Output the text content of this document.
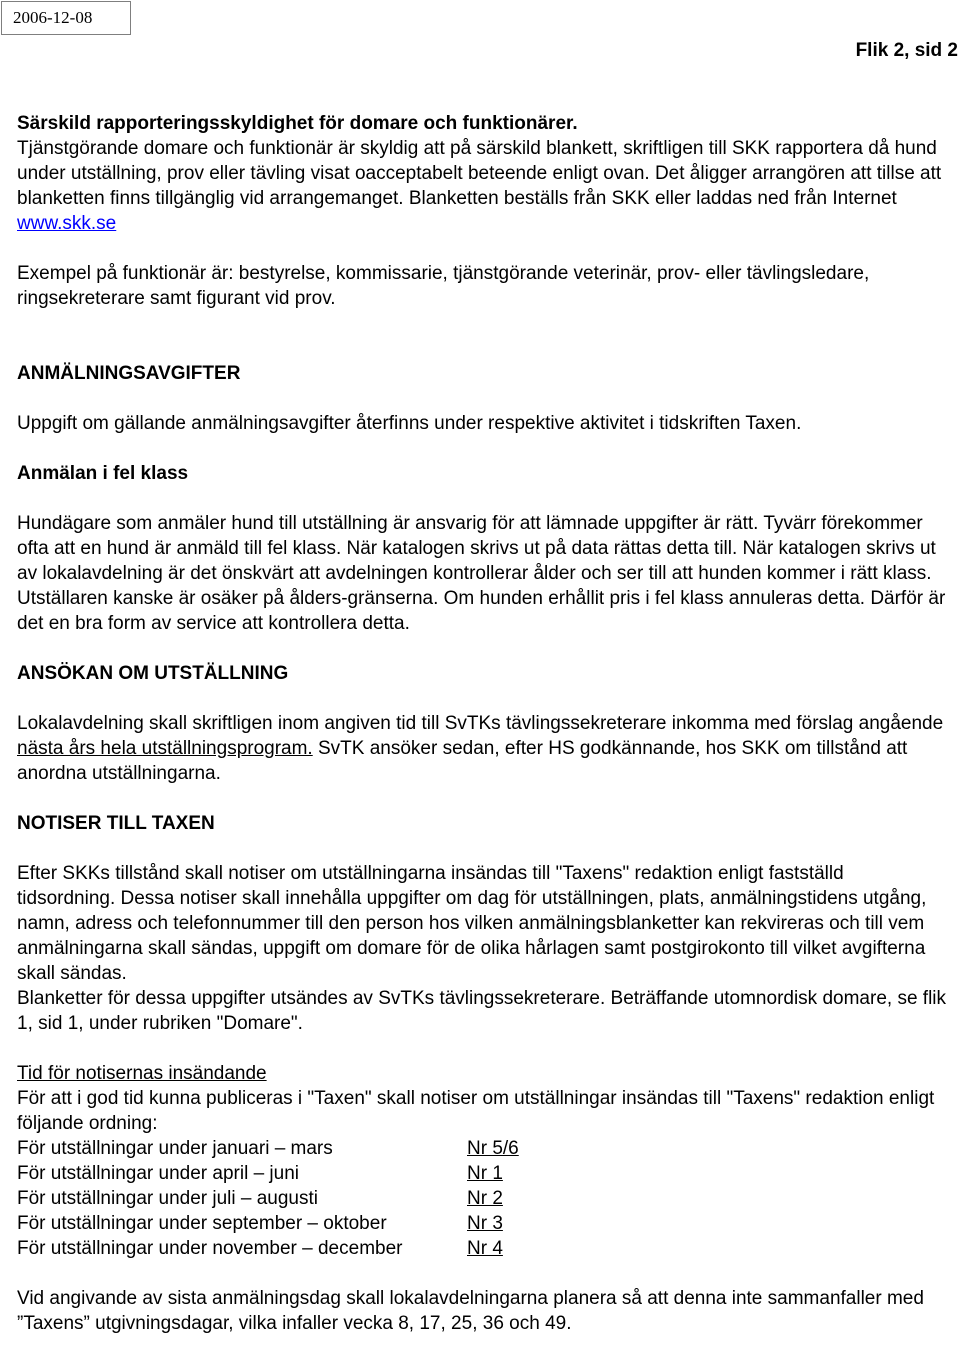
2006-12-08
Flik 2, sid 2

Särskild rapporteringsskyldighet för domare och funktionärer.

Tjänstgörande domare och funktionär är skyldig att på särskild blankett, skriftligen till SKK rapportera då hund under utställning, prov eller tävling visat oacceptabelt beteende enligt ovan. Det åligger arrangören att tillse att blanketten finns tillgänglig vid arrangemanget. Blanketten beställs från SKK eller laddas ned från Internet www.skk.se

Exempel på funktionär är: bestyrelse, kommissarie, tjänstgörande veterinär, prov- eller tävlingsledare, ringsekreterare samt figurant vid prov.

ANMÄLNINGSAVGIFTER

Uppgift om gällande anmälningsavgifter återfinns under respektive aktivitet i tidskriften Taxen.

Anmälan i fel klass

Hundägare som anmäler hund till utställning är ansvarig för att lämnade uppgifter är rätt. Tyvärr förekommer ofta att en hund är anmäld till fel klass. När katalogen skrivs ut på data rättas detta till. När katalogen skrivs ut av lokalavdelning är det önskvärt att avdelningen kontrollerar ålder och ser till att hunden kommer i rätt klass. Utställaren kanske är osäker på ålders-gränserna. Om hunden erhållit pris i fel klass annuleras detta. Därför är det en bra form av service att kontrollera detta.

ANSÖKAN OM UTSTÄLLNING

Lokalavdelning skall skriftligen inom angiven tid till SvTKs tävlingssekreterare inkomma med förslag angående nästa års hela utställningsprogram. SvTK ansöker sedan, efter HS godkännande, hos SKK om tillstånd att anordna utställningarna.

NOTISER TILL TAXEN

Efter SKKs tillstånd skall notiser om utställningarna insändas till "Taxens" redaktion enligt fastställd tidsordning. Dessa notiser skall innehålla uppgifter om dag för utställningen, plats, anmälningstidens utgång, namn, adress och telefonnummer till den person hos vilken anmälningsblanketter kan rekvireras och till vem anmälningarna skall sändas, uppgift om domare för de olika hårlagen samt postgirokonto till vilket avgifterna skall sändas.

Blanketter för dessa uppgifter utsändes av SvTKs tävlingssekreterare. Beträffande utomnordisk domare, se flik 1, sid 1, under rubriken "Domare".

Tid för notisernas insändande

För att i god tid kunna publiceras i "Taxen" skall notiser om utställningar insändas till "Taxens" redaktion enligt följande ordning:

För utställningar under januari – mars	Nr 5/6
För utställningar under april – juni	Nr 1
För utställningar under juli – augusti	Nr 2
För utställningar under september – oktober	Nr 3
För utställningar under november – december	Nr 4

Vid angivande av sista anmälningsdag skall lokalavdelningarna planera så att denna inte sammanfaller med ”Taxens” utgivningsdagar, vilka infaller vecka 8, 17, 25, 36 och 49.
